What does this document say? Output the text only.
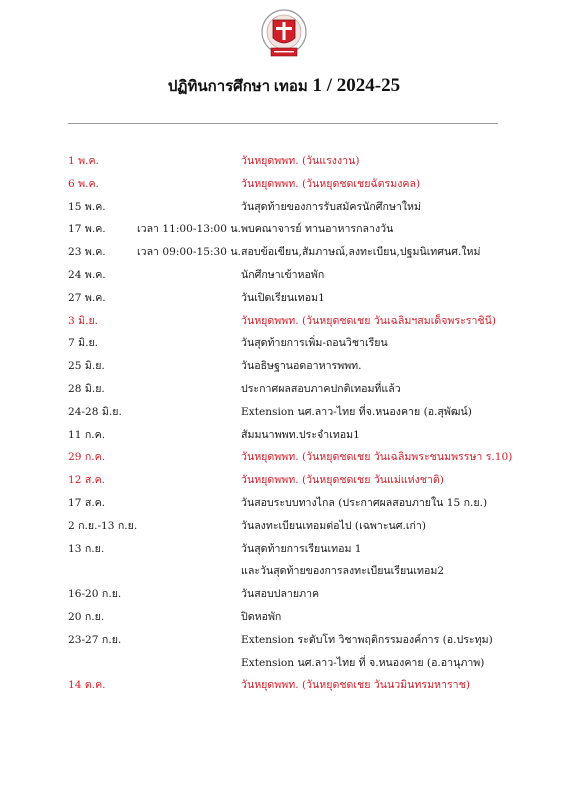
ปฏิทินการศึกษา เทอม 1 / 2024-25
1 พ.ค.	วันหยุดพพท. (วันแรงงาน)
6 พ.ค.	วันหยุดพพท. (วันหยุดชดเชยฉัตรมงคล)
15 พ.ค.	วันสุดท้ายของการรับสมัครนักศึกษาใหม่
17 พ.ค.	เวลา 11:00-13:00 น. พบคณาจารย์ ทานอาหารกลางวัน
23 พ.ค.	เวลา 09:00-15:30 น. สอบข้อเขียน,สัมภาษณ์,ลงทะเบียน,ปฐมนิเทศนศ.ใหม่
24 พ.ค.	นักศึกษาเข้าหอพัก
27 พ.ค.	วันเปิดเรียนเทอม1
3 มิ.ย.	วันหยุดพพท. (วันหยุดชดเชย วันเฉลิมฯสมเด็จพระราชินี)
7 มิ.ย.	วันสุดท้ายการเพิ่ม-ถอนวิชาเรียน
25 มิ.ย.	วันอธิษฐานอดอาหารพพท.
28 มิ.ย.	ประกาศผลสอบภาคปกติเทอมที่แล้ว
24-28 มิ.ย.	Extension นศ.ลาว-ไทย ที่จ.หนองคาย (อ.สุพัฒน์)
11 ก.ค.	สัมมนาพพท.ประจำเทอม1
29 ก.ค.	วันหยุดพพท. (วันหยุดชดเชย วันเฉลิมพระชนมพรรษา ร.10)
12 ส.ค.	วันหยุดพพท. (วันหยุดชดเชย วันแม่แห่งชาติ)
17 ส.ค.	วันสอบระบบทางไกล (ประกาศผลสอบภายใน 15 ก.ย.)
2 ก.ย.-13 ก.ย.	วันลงทะเบียนเทอมต่อไป (เฉพาะนศ.เก่า)
13 ก.ย.	วันสุดท้ายการเรียนเทอม 1
และวันสุดท้ายของการลงทะเบียนเรียนเทอม2
16-20 ก.ย.	วันสอบปลายภาค
20 ก.ย.	ปิดหอพัก
23-27 ก.ย.	Extension ระดับโท วิชาพฤติกรรมองค์การ (อ.ประทุม)
Extension นศ.ลาว-ไทย ที่ จ.หนองคาย (อ.อานุภาพ)
14 ต.ค.	วันหยุดพพท. (วันหยุดชดเชย วันนวมินทรมหาราช)
